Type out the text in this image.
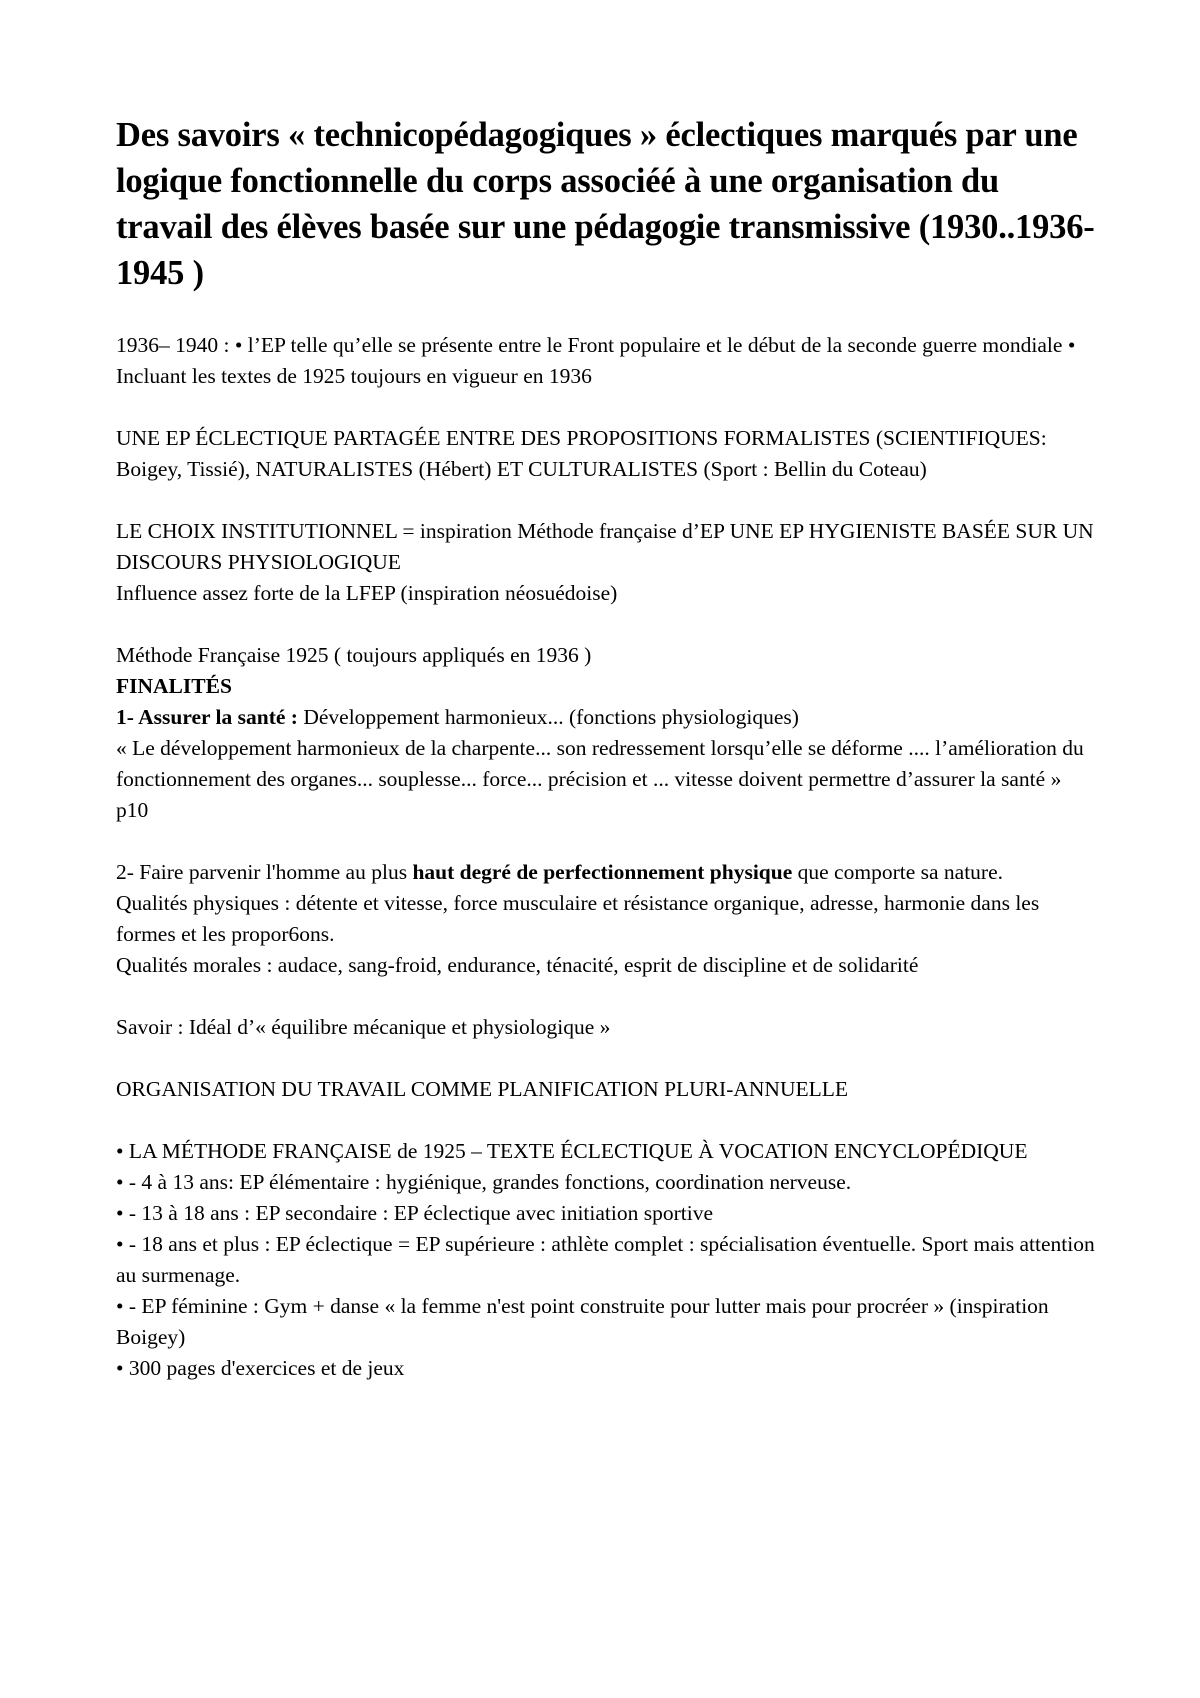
Des savoirs « technicopédagogiques » éclectiques marqués par une logique fonctionnelle du corps associéé à une organisation du travail des élèves basée sur une pédagogie transmissive (1930..1936-1945 )
1936– 1940 : • l’EP telle qu’elle se présente entre le Front populaire et le début de la seconde guerre mondiale • Incluant les textes de 1925 toujours en vigueur en 1936
UNE EP ÉCLECTIQUE PARTAGÉE ENTRE DES PROPOSITIONS FORMALISTES (SCIENTIFIQUES: Boigey, Tissié), NATURALISTES (Hébert) ET CULTURALISTES (Sport : Bellin du Coteau)
LE CHOIX INSTITUTIONNEL = inspiration Méthode française d’EP UNE EP HYGIENISTE BASÉE SUR UN DISCOURS PHYSIOLOGIQUE
Influence assez forte de la LFEP (inspiration néosuédoise)
Méthode Française 1925 ( toujours appliqués en 1936 )
FINALITÉS
1- Assurer la santé : Développement harmonieux... (fonctions physiologiques)
« Le développement harmonieux de la charpente... son redressement lorsqu’elle se déforme .... l’amélioration du fonctionnement des organes... souplesse... force... précision et ... vitesse doivent permettre d’assurer la santé » p10
2- Faire parvenir l'homme au plus haut degré de perfectionnement physique que comporte sa nature.
Qualités physiques : détente et vitesse, force musculaire et résistance organique, adresse, harmonie dans les formes et les propor6ons.
Qualités morales : audace, sang-froid, endurance, ténacité, esprit de discipline et de solidarité
Savoir : Idéal d’« équilibre mécanique et physiologique »
ORGANISATION DU TRAVAIL COMME PLANIFICATION PLURI-ANNUELLE
• LA MÉTHODE FRANÇAISE de 1925 – TEXTE ÉCLECTIQUE À VOCATION ENCYCLOPÉDIQUE
• - 4 à 13 ans: EP élémentaire : hygiénique, grandes fonctions, coordination nerveuse.
• - 13 à 18 ans : EP secondaire : EP éclectique avec initiation sportive
• - 18 ans et plus : EP éclectique = EP supérieure : athlète complet : spécialisation éventuelle. Sport mais attention au surmenage.
• - EP féminine : Gym + danse « la femme n'est point construite pour lutter mais pour procréer » (inspiration Boigey)
• 300 pages d'exercices et de jeux
